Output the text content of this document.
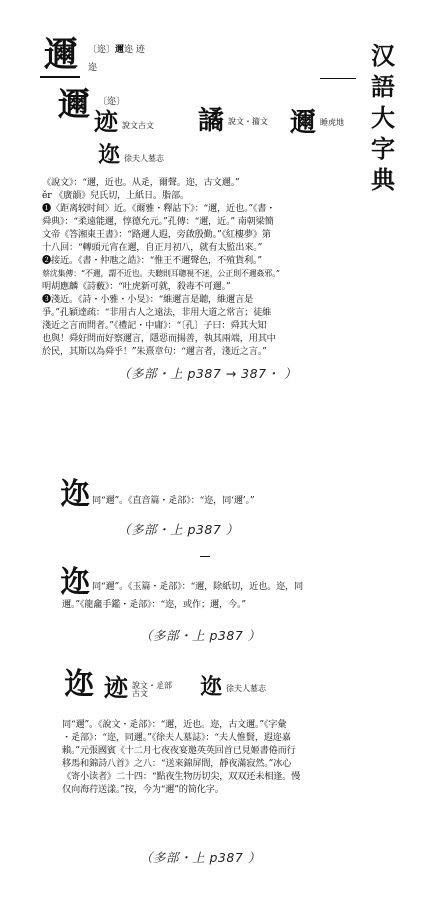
汉
語
大
字
典
邇 〔迩〕邇迩 迹
迩
邇 〔迩〕
迹 說文古文 譎 說文・籀文 邇 睡虎地
迩 徐夫人墓志
《說文》：“邇，近也。从辵，爾聲。迩，古文邇。”
ěr 《廣韻》兒氏切，上紙日。脂部。
❶〈距离较时间〉近。《爾雅・釋詁下》：“邇，近也。”《書・
舜典》：“柔遠能邇，惇德允元。”孔傳：“邇，近。” 南朝梁簡
文帝《答湘東王書》：“路邇人遐，旁啟殷勤。”《紅樓夢》第
十八回：“轉頭元宵在邇，自正月初八，就有太監出來。”
❷接近。《書・仲虺之誥》：“惟王不邇聲色，不殖貨利。”
蔡沈集傳：“不邇，謂不近也。夫聽則耳聰視不迷，公正則不邇姦邪。”
明胡應麟《詩藪》：“吐虎新可就，殺毒不可邇。”
❸淺近。《詩・小雅・小旻》：“維邇言是聽，維邇言是
爭。”孔穎達疏：“非用古人之遠法，非用大道之常言；徒維
淺近之言而問者。”《禮記・中庸》：“〔孔〕子曰：舜其大知
也與！舜好問而好察邇言，隱惡而揚善，執其兩端，用其中
於民，其斯以為舜乎！”朱熹章句：“邇言者，淺近之言。”
（多部・上 p387 → 387・ ）
迩 同“邇”。《直音篇・辵部》：“迩，同‘邇’。”
（多部・上 p387 ）
迩 同“邇”。《玉篇・辵部》：“邇，除紙切，近也。迩，同
邇。”《龍龕手鑑・辵部》：“迩，或作；邇，今。”
（多部・上 p387 ）
迩 迹 說文・辵部 古文	迩 徐夫人墓志
同“邇”。《說文・辵部》：“邇，近也。迩，古文邇。”《字彙
・辵部》：“迩，同邇。”《徐夫人墓誌》：“夫人惟賢，遐迩嘉
賴。”元張國賓《十二月七夜夜宴邀英英回首已見姬書倦而行
移馬和錦詩八首》之八：“送來錦屏間，靜夜滿寂然。”冰心
《寄小读者》二十四：“點夜生物历切尖，双双还未相逢。慢
仅向海荇送漾。”按，今为“邇”的简化字。
（多部・上 p387 ）
